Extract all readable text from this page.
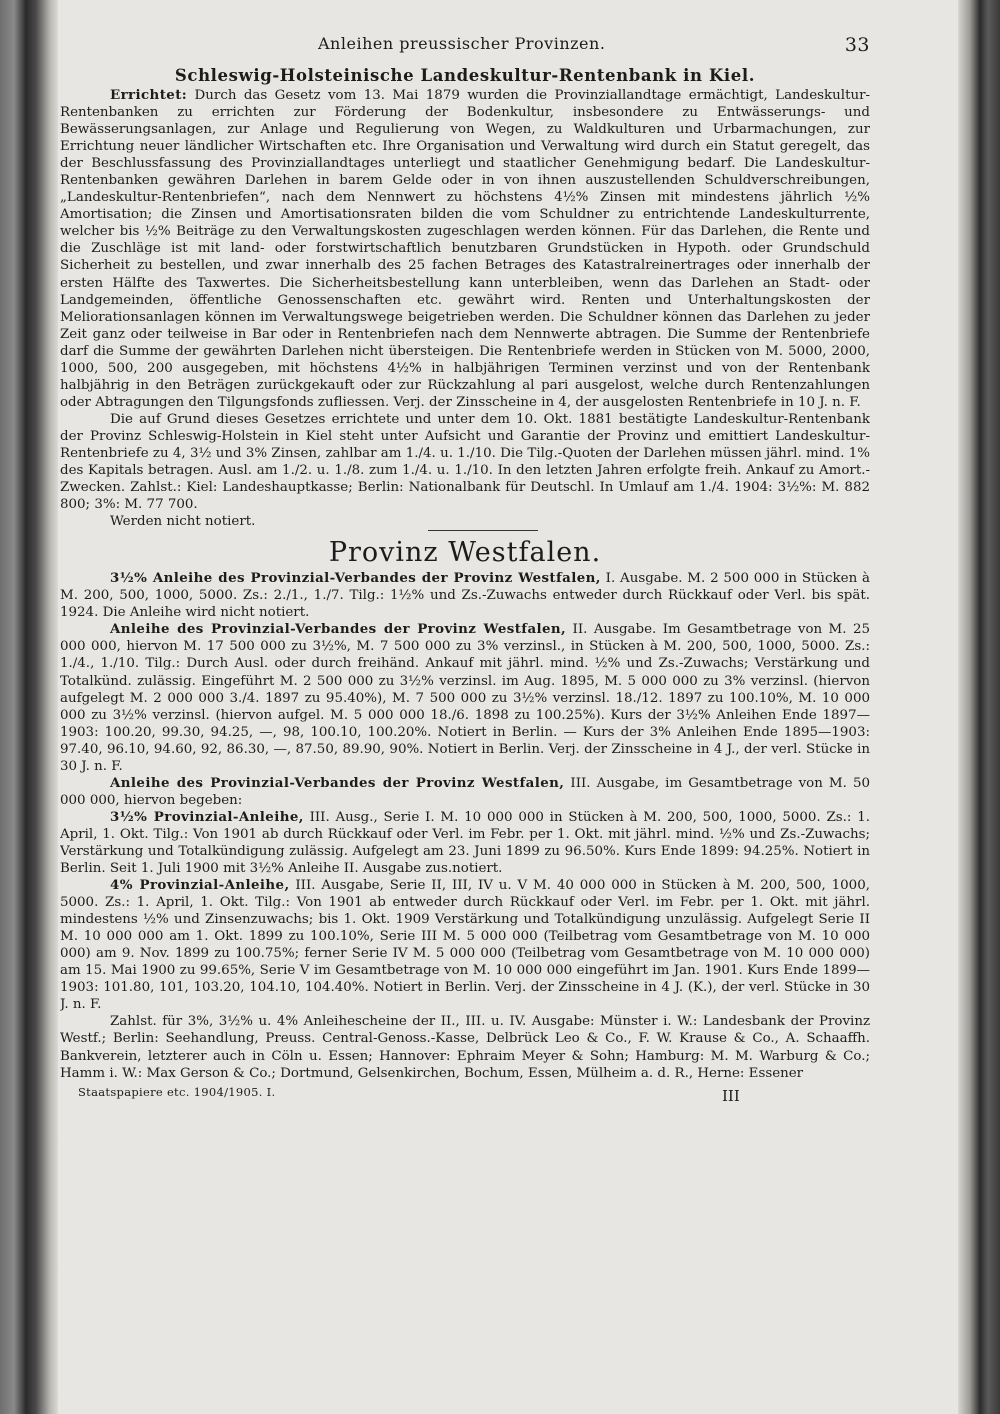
Anleihen preussischer Provinzen.	33
Schleswig-Holsteinische Landeskultur-Rentenbank in Kiel.

Errichtet: Durch das Gesetz vom 13. Mai 1879 wurden die Provinziallandtage ermächtigt, Landeskultur-Rentenbanken zu errichten zur Förderung der Bodenkultur, insbesondere zu Entwässerungs- und Bewässerungsanlagen, zur Anlage und Regulierung von Wegen, zu Waldkulturen und Urbarmachungen, zur Errichtung neuer ländlicher Wirtschaften etc. Ihre Organisation und Verwaltung wird durch ein Statut geregelt, das der Beschlussfassung des Provinziallandtages unterliegt und staatlicher Genehmigung bedarf. Die Landeskultur-Rentenbanken gewähren Darlehen in barem Gelde oder in von ihnen auszustellenden Schuldverschreibungen, „Landeskultur-Rentenbriefen“, nach dem Nennwert zu höchstens 4½% Zinsen mit mindestens jährlich ½% Amortisation; die Zinsen und Amortisationsraten bilden die vom Schuldner zu entrichtende Landeskulturrente, welcher bis ½% Beiträge zu den Verwaltungskosten zugeschlagen werden können. Für das Darlehen, die Rente und die Zuschläge ist mit land- oder forstwirtschaftlich benutzbaren Grundstücken in Hypoth. oder Grundschuld Sicherheit zu bestellen, und zwar innerhalb des 25 fachen Betrages des Katastralreinertrages oder innerhalb der ersten Hälfte des Taxwertes. Die Sicherheitsbestellung kann unterbleiben, wenn das Darlehen an Stadt- oder Landgemeinden, öffentliche Genossenschaften etc. gewährt wird. Renten und Unterhaltungskosten der Meliorationsanlagen können im Verwaltungswege beigetrieben werden. Die Schuldner können das Darlehen zu jeder Zeit ganz oder teilweise in Bar oder in Rentenbriefen nach dem Nennwerte abtragen. Die Summe der Rentenbriefe darf die Summe der gewährten Darlehen nicht übersteigen. Die Rentenbriefe werden in Stücken von M. 5000, 2000, 1000, 500, 200 ausgegeben, mit höchstens 4½% in halbjährigen Terminen verzinst und von der Rentenbank halbjährig in den Beträgen zurückgekauft oder zur Rückzahlung al pari ausgelost, welche durch Rentenzahlungen oder Abtragungen den Tilgungsfonds zufliessen. Verj. der Zinsscheine in 4, der ausgelosten Rentenbriefe in 10 J. n. F.

Die auf Grund dieses Gesetzes errichtete und unter dem 10. Okt. 1881 bestätigte Landeskultur-Rentenbank der Provinz Schleswig-Holstein in Kiel steht unter Aufsicht und Garantie der Provinz und emittiert Landeskultur-Rentenbriefe zu 4, 3½ und 3% Zinsen, zahlbar am 1./4. u. 1./10. Die Tilg.-Quoten der Darlehen müssen jährl. mind. 1% des Kapitals betragen. Ausl. am 1./2. u. 1./8. zum 1./4. u. 1./10. In den letzten Jahren erfolgte freih. Ankauf zu Amort.-Zwecken. Zahlst.: Kiel: Landeshauptkasse; Berlin: Nationalbank für Deutschl. In Umlauf am 1./4. 1904: 3½%: M. 882 800; 3%: M. 77 700.

Werden nicht notiert.

Provinz Westfalen.

3½% Anleihe des Provinzial-Verbandes der Provinz Westfalen, I. Ausgabe. M. 2 500 000 in Stücken à M. 200, 500, 1000, 5000. Zs.: 2./1., 1./7. Tilg.: 1½% und Zs.-Zuwachs entweder durch Rückkauf oder Verl. bis spät. 1924. Die Anleihe wird nicht notiert.

Anleihe des Provinzial-Verbandes der Provinz Westfalen, II. Ausgabe. Im Gesamtbetrage von M. 25 000 000, hiervon M. 17 500 000 zu 3½%, M. 7 500 000 zu 3% verzinsl., in Stücken à M. 200, 500, 1000, 5000. Zs.: 1./4., 1./10. Tilg.: Durch Ausl. oder durch freihänd. Ankauf mit jährl. mind. ½% und Zs.-Zuwachs; Verstärkung und Totalkünd. zulässig. Eingeführt M. 2 500 000 zu 3½% verzinsl. im Aug. 1895, M. 5 000 000 zu 3% verzinsl. (hiervon aufgelegt M. 2 000 000 3./4. 1897 zu 95.40%), M. 7 500 000 zu 3½% verzinsl. 18./12. 1897 zu 100.10%, M. 10 000 000 zu 3½% verzinsl. (hiervon aufgel. M. 5 000 000 18./6. 1898 zu 100.25%). Kurs der 3½% Anleihen Ende 1897—1903: 100.20, 99.30, 94.25, —, 98, 100.10, 100.20%. Notiert in Berlin. — Kurs der 3% Anleihen Ende 1895—1903: 97.40, 96.10, 94.60, 92, 86.30, —, 87.50, 89.90, 90%. Notiert in Berlin. Verj. der Zinsscheine in 4 J., der verl. Stücke in 30 J. n. F.

Anleihe des Provinzial-Verbandes der Provinz Westfalen, III. Ausgabe, im Gesamtbetrage von M. 50 000 000, hiervon begeben:

3½% Provinzial-Anleihe, III. Ausg., Serie I. M. 10 000 000 in Stücken à M. 200, 500, 1000, 5000. Zs.: 1. April, 1. Okt. Tilg.: Von 1901 ab durch Rückkauf oder Verl. im Febr. per 1. Okt. mit jährl. mind. ½% und Zs.-Zuwachs; Verstärkung und Totalkündigung zulässig. Aufgelegt am 23. Juni 1899 zu 96.50%. Kurs Ende 1899: 94.25%. Notiert in Berlin. Seit 1. Juli 1900 mit 3½% Anleihe II. Ausgabe zus.notiert.

4% Provinzial-Anleihe, III. Ausgabe, Serie II, III, IV u. V M. 40 000 000 in Stücken à M. 200, 500, 1000, 5000. Zs.: 1. April, 1. Okt. Tilg.: Von 1901 ab entweder durch Rückkauf oder Verl. im Febr. per 1. Okt. mit jährl. mindestens ½% und Zinsenzuwachs; bis 1. Okt. 1909 Verstärkung und Totalkündigung unzulässig. Aufgelegt Serie II M. 10 000 000 am 1. Okt. 1899 zu 100.10%, Serie III M. 5 000 000 (Teilbetrag vom Gesamtbetrage von M. 10 000 000) am 9. Nov. 1899 zu 100.75%; ferner Serie IV M. 5 000 000 (Teilbetrag vom Gesamtbetrage von M. 10 000 000) am 15. Mai 1900 zu 99.65%, Serie V im Gesamtbetrage von M. 10 000 000 eingeführt im Jan. 1901. Kurs Ende 1899—1903: 101.80, 101, 103.20, 104.10, 104.40%. Notiert in Berlin. Verj. der Zinsscheine in 4 J. (K.), der verl. Stücke in 30 J. n. F.

Zahlst. für 3%, 3½% u. 4% Anleihescheine der II., III. u. IV. Ausgabe: Münster i. W.: Landesbank der Provinz Westf.; Berlin: Seehandlung, Preuss. Central-Genoss.-Kasse, Delbrück Leo & Co., F. W. Krause & Co., A. Schaaffh. Bankverein, letzterer auch in Cöln u. Essen; Hannover: Ephraim Meyer & Sohn; Hamburg: M. M. Warburg & Co.; Hamm i. W.: Max Gerson & Co.; Dortmund, Gelsenkirchen, Bochum, Essen, Mülheim a. d. R., Herne: Essener

Staatspapiere etc. 1904/1905. I.	III
